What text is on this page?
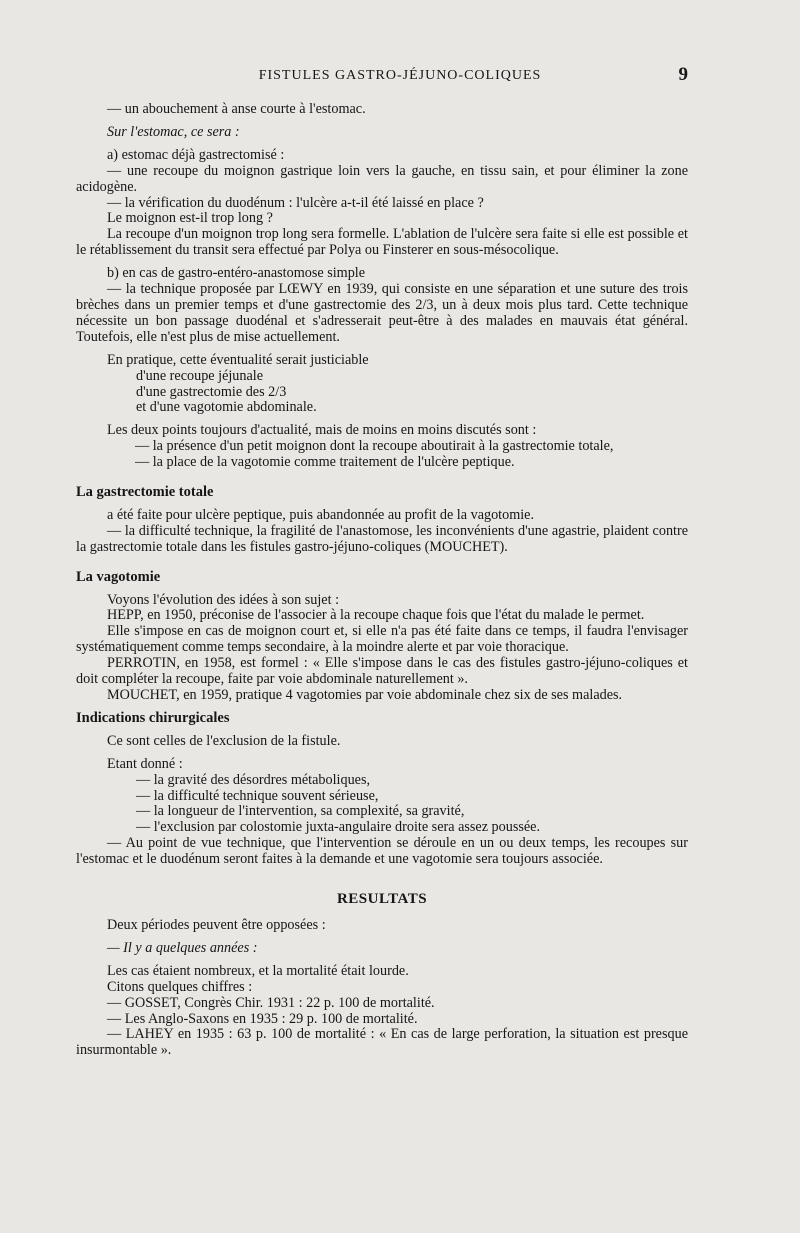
FISTULES GASTRO-JÉJUNO-COLIQUES	9

— un abouchement à anse courte à l'estomac.

Sur l'estomac, ce sera :

a) estomac déjà gastrectomisé :

— une recoupe du moignon gastrique loin vers la gauche, en tissu sain, et pour éliminer la zone acidogène.

— la vérification du duodénum : l'ulcère a-t-il été laissé en place ?

Le moignon est-il trop long ?

La recoupe d'un moignon trop long sera formelle. L'ablation de l'ulcère sera faite si elle est possible et le rétablissement du transit sera effectué par Polya ou Finsterer en sous-mésocolique.

b) en cas de gastro-entéro-anastomose simple

— la technique proposée par LŒWY en 1939, qui consiste en une séparation et une suture des trois brèches dans un premier temps et d'une gastrectomie des 2/3, un à deux mois plus tard. Cette technique nécessite un bon passage duodénal et s'adresserait peut-être à des malades en mauvais état général. Toutefois, elle n'est plus de mise actuellement.

En pratique, cette éventualité serait justiciable

d'une recoupe jéjunale

d'une gastrectomie des 2/3

et d'une vagotomie abdominale.

Les deux points toujours d'actualité, mais de moins en moins discutés sont :

— la présence d'un petit moignon dont la recoupe aboutirait à la gastrectomie totale,

— la place de la vagotomie comme traitement de l'ulcère peptique.

La gastrectomie totale

a été faite pour ulcère peptique, puis abandonnée au profit de la vagotomie.

— la difficulté technique, la fragilité de l'anastomose, les inconvénients d'une agastrie, plaident contre la gastrectomie totale dans les fistules gastro-jéjuno-coliques (MOUCHET).

La vagotomie

Voyons l'évolution des idées à son sujet :

HEPP, en 1950, préconise de l'associer à la recoupe chaque fois que l'état du malade le permet.

Elle s'impose en cas de moignon court et, si elle n'a pas été faite dans ce temps, il faudra l'envisager systématiquement comme temps secondaire, à la moindre alerte et par voie thoracique.

PERROTIN, en 1958, est formel : « Elle s'impose dans le cas des fistules gastro-jéjuno-coliques et doit compléter la recoupe, faite par voie abdominale naturellement ».

MOUCHET, en 1959, pratique 4 vagotomies par voie abdominale chez six de ses malades.

Indications chirurgicales

Ce sont celles de l'exclusion de la fistule.

Etant donné :

— la gravité des désordres métaboliques,

— la difficulté technique souvent sérieuse,

— la longueur de l'intervention, sa complexité, sa gravité,

— l'exclusion par colostomie juxta-angulaire droite sera assez poussée.

— Au point de vue technique, que l'intervention se déroule en un ou deux temps, les recoupes sur l'estomac et le duodénum seront faites à la demande et une vagotomie sera toujours associée.

RESULTATS

Deux périodes peuvent être opposées :

— Il y a quelques années :

Les cas étaient nombreux, et la mortalité était lourde.

Citons quelques chiffres :

— GOSSET, Congrès Chir. 1931 : 22 p. 100 de mortalité.

— Les Anglo-Saxons en 1935 : 29 p. 100 de mortalité.

— LAHEY en 1935 : 63 p. 100 de mortalité : « En cas de large perforation, la situation est presque insurmontable ».
